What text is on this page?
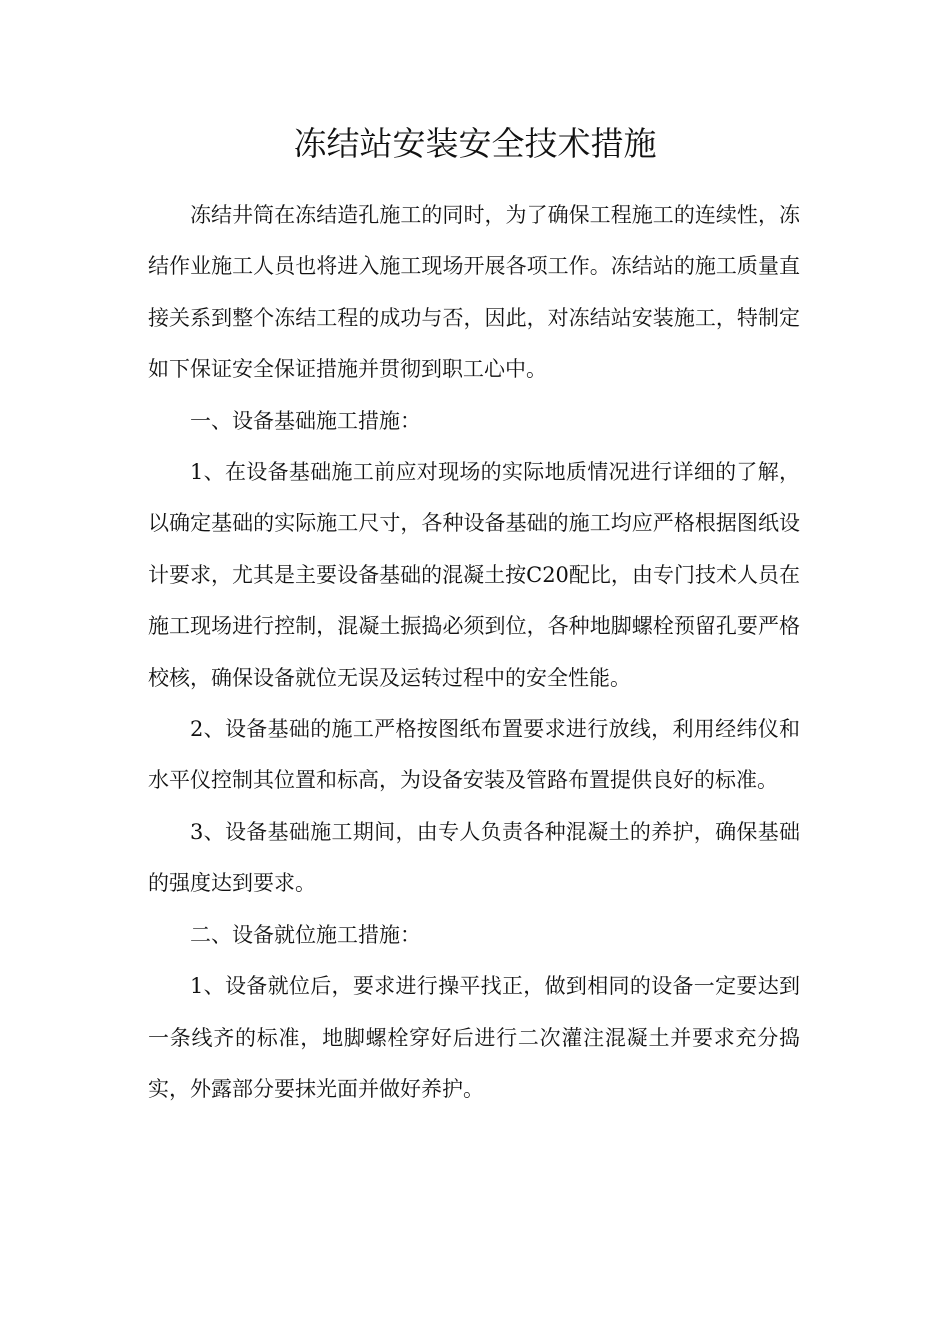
冻结站安装安全技术措施

冻结井筒在冻结造孔施工的同时，为了确保工程施工的连续性，冻结作业施工人员也将进入施工现场开展各项工作。冻结站的施工质量直接关系到整个冻结工程的成功与否，因此，对冻结站安装施工，特制定如下保证安全保证措施并贯彻到职工心中。

一、设备基础施工措施：

1、在设备基础施工前应对现场的实际地质情况进行详细的了解，以确定基础的实际施工尺寸，各种设备基础的施工均应严格根据图纸设计要求，尤其是主要设备基础的混凝土按C20配比，由专门技术人员在施工现场进行控制，混凝土振捣必须到位，各种地脚螺栓预留孔要严格校核，确保设备就位无误及运转过程中的安全性能。

2、设备基础的施工严格按图纸布置要求进行放线，利用经纬仪和水平仪控制其位置和标高，为设备安装及管路布置提供良好的标准。

3、设备基础施工期间，由专人负责各种混凝土的养护，确保基础的强度达到要求。

二、设备就位施工措施：

1、设备就位后，要求进行操平找正，做到相同的设备一定要达到一条线齐的标准，地脚螺栓穿好后进行二次灌注混凝土并要求充分捣实，外露部分要抹光面并做好养护。
